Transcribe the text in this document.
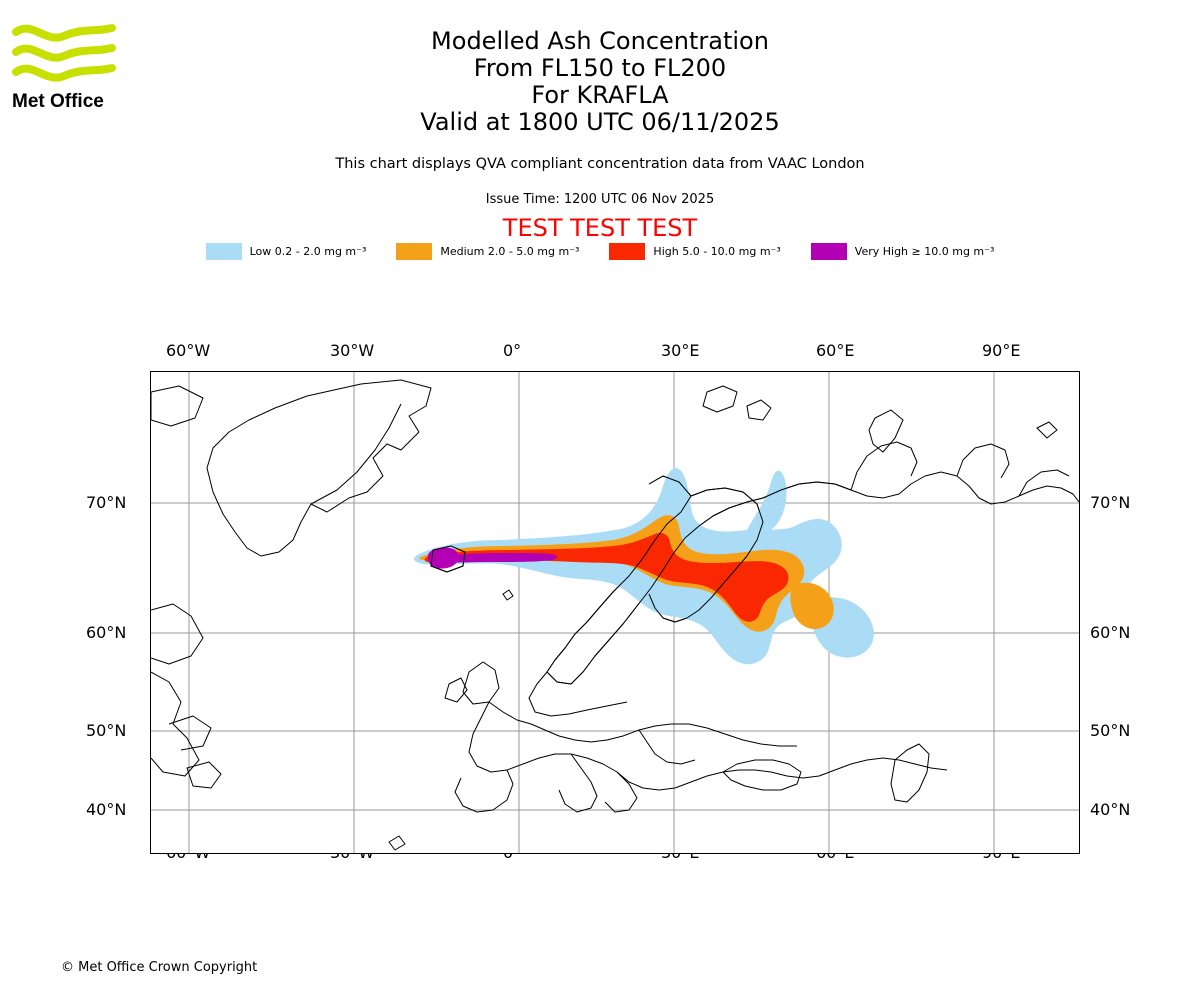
Met Office
Modelled Ash Concentration
From FL150 to FL200
For KRAFLA
Valid at 1800 UTC 06/11/2025
This chart displays QVA compliant concentration data from VAAC London
Issue Time: 1200 UTC 06 Nov 2025
TEST TEST TEST
Low 0.2 - 2.0 mg m⁻³	Medium 2.0 - 5.0 mg m⁻³	High 5.0 - 10.0 mg m⁻³	Very High ≥ 10.0 mg m⁻³
60°W	30°W	0°	30°E	60°E	90°E
70°N
60°N
50°N
40°N
70°N
60°N
50°N
40°N
© Met Office Crown Copyright
